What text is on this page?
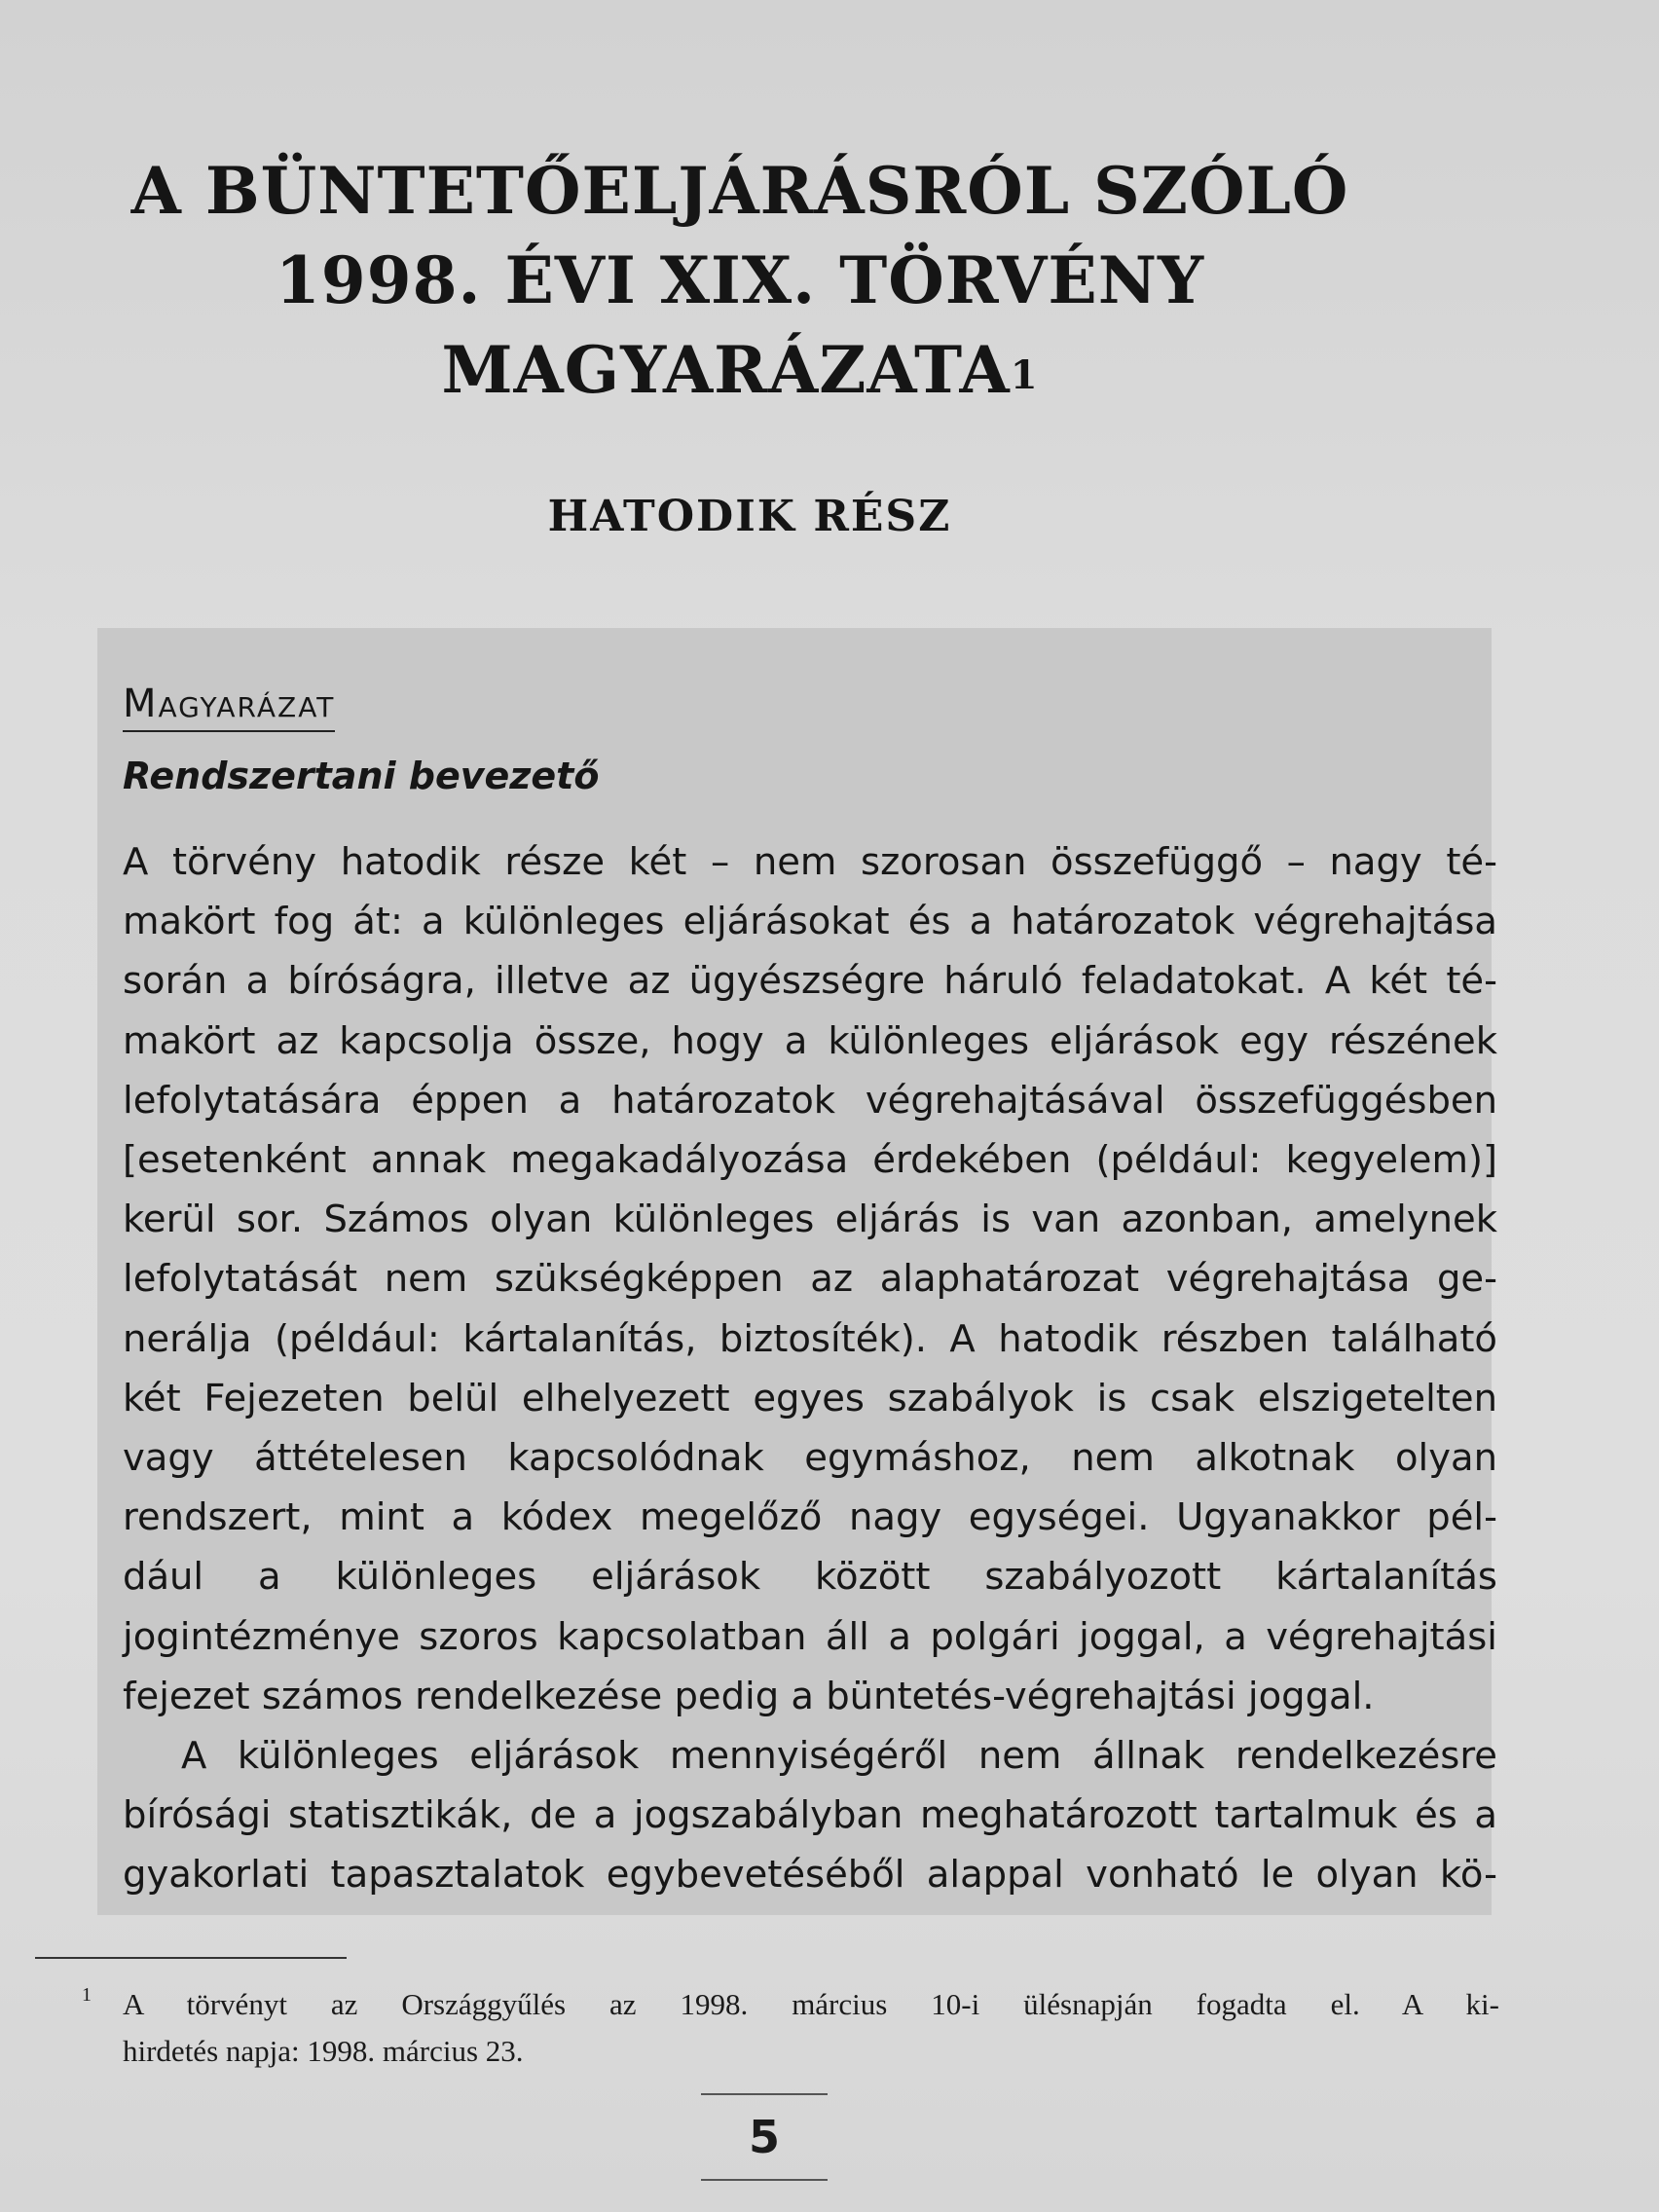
A BÜNTETŐELJÁRÁSRÓL SZÓLÓ
1998. ÉVI XIX. TÖRVÉNY
MAGYARÁZATA$^1$
HATODIK RÉSZ
Magyarázat
Rendszertani bevezető
A törvény hatodik része két – nem szorosan összefüggő – nagy té-
makört fog át: a különleges eljárásokat és a határozatok végrehajtása
során a bíróságra, illetve az ügyészségre háruló feladatokat. A két té-
makört az kapcsolja össze, hogy a különleges eljárások egy részének
lefolytatására éppen a határozatok végrehajtásával összefüggésben
[esetenként annak megakadályozása érdekében (például: kegyelem)]
kerül sor. Számos olyan különleges eljárás is van azonban, amelynek
lefolytatását nem szükségképpen az alaphatározat végrehajtása ge-
nerálja (például: kártalanítás, biztosíték). A hatodik részben található
két Fejezeten belül elhelyezett egyes szabályok is csak elszigetelten
vagy áttételesen kapcsolódnak egymáshoz, nem alkotnak olyan
rendszert, mint a kódex megelőző nagy egységei. Ugyanakkor pél-
dául a különleges eljárások között szabályozott kártalanítás
jogintézménye szoros kapcsolatban áll a polgári joggal, a végrehajtási
fejezet számos rendelkezése pedig a büntetés-végrehajtási joggal.
A különleges eljárások mennyiségéről nem állnak rendelkezésre
bírósági statisztikák, de a jogszabályban meghatározott tartalmuk és a
gyakorlati tapasztalatok egybevetéséből alappal vonható le olyan kö-
1	A törvényt az Országgyűlés az 1998. március 10-i ülésnapján fogadta el. A ki-
hirdetés napja: 1998. március 23.
5
